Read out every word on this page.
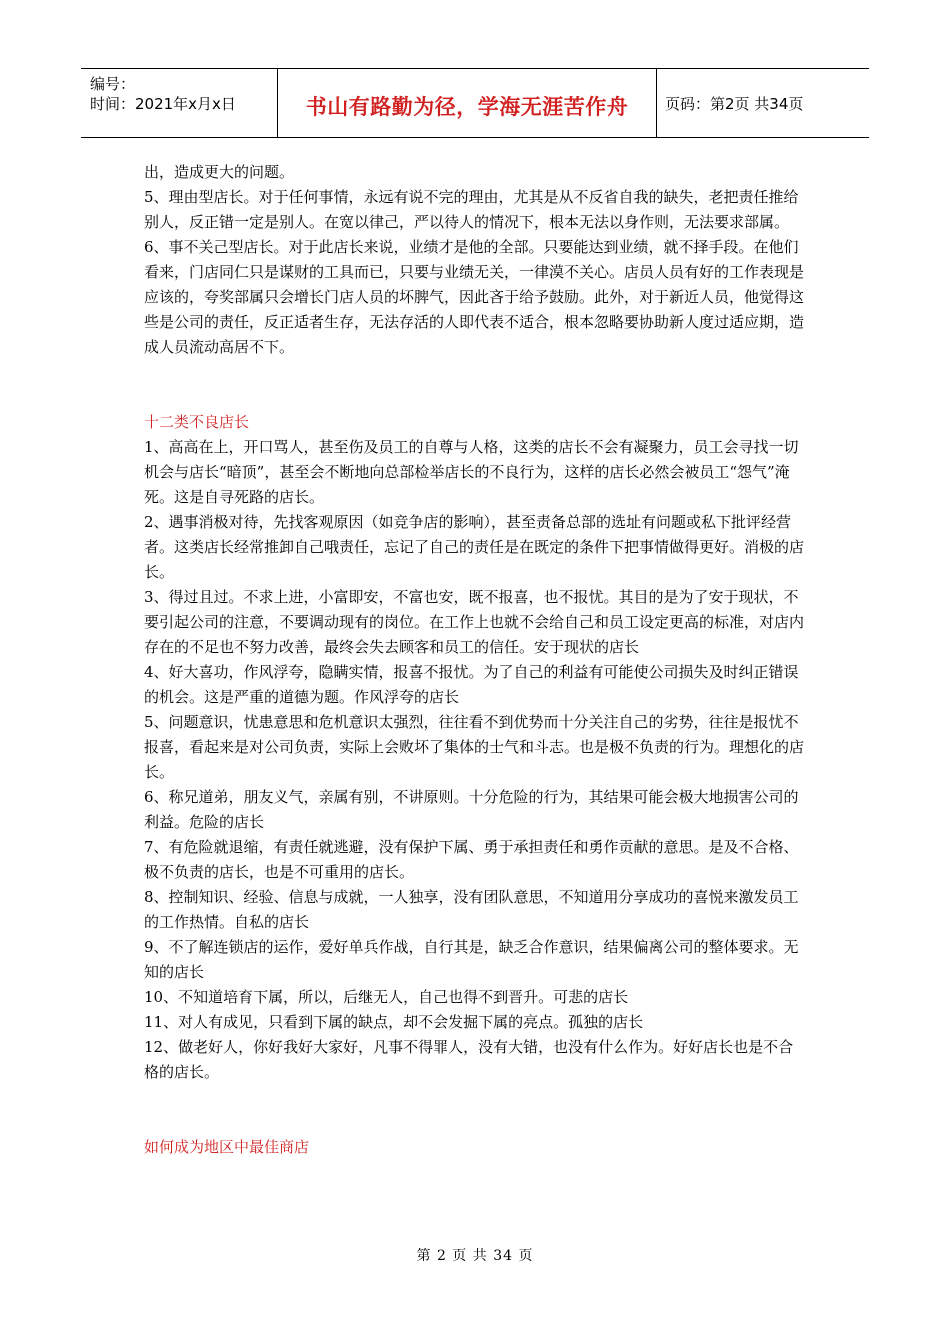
编号：
时间：2021年x月x日	书山有路勤为径，学海无涯苦作舟	页码：第2页 共34页

出，造成更大的问题。

5、理由型店长。对于任何事情，永远有说不完的理由，尤其是从不反省自我的缺失，老把责任推给别人，反正错一定是别人。在宽以律己，严以待人的情况下，根本无法以身作则，无法要求部属。

6、事不关己型店长。对于此店长来说，业绩才是他的全部。只要能达到业绩，就不择手段。在他们看来，门店同仁只是谋财的工具而已，只要与业绩无关，一律漠不关心。店员人员有好的工作表现是应该的，夸奖部属只会增长门店人员的坏脾气，因此吝于给予鼓励。此外，对于新近人员，他觉得这些是公司的责任，反正适者生存，无法存活的人即代表不适合，根本忽略要协助新人度过适应期，造成人员流动高居不下。

十二类不良店长

1、高高在上，开口骂人，甚至伤及员工的自尊与人格，这类的店长不会有凝聚力，员工会寻找一切机会与店长“暗顶”，甚至会不断地向总部检举店长的不良行为，这样的店长必然会被员工“怨气”淹死。这是自寻死路的店长。

2、遇事消极对待，先找客观原因（如竞争店的影响），甚至责备总部的选址有问题或私下批评经营者。这类店长经常推卸自己哦责任，忘记了自己的责任是在既定的条件下把事情做得更好。消极的店长。

3、得过且过。不求上进，小富即安，不富也安，既不报喜，也不报忧。其目的是为了安于现状，不要引起公司的注意，不要调动现有的岗位。在工作上也就不会给自己和员工设定更高的标准，对店内存在的不足也不努力改善，最终会失去顾客和员工的信任。安于现状的店长

4、好大喜功，作风浮夸，隐瞒实情，报喜不报忧。为了自己的利益有可能使公司损失及时纠正错误的机会。这是严重的道德为题。作风浮夸的店长

5、问题意识，忧患意思和危机意识太强烈，往往看不到优势而十分关注自己的劣势，往往是报忧不报喜，看起来是对公司负责，实际上会败坏了集体的士气和斗志。也是极不负责的行为。理想化的店长。

6、称兄道弟，朋友义气，亲属有别，不讲原则。十分危险的行为，其结果可能会极大地损害公司的利益。危险的店长

7、有危险就退缩，有责任就逃避，没有保护下属、勇于承担责任和勇作贡献的意思。是及不合格、极不负责的店长，也是不可重用的店长。

8、控制知识、经验、信息与成就，一人独享，没有团队意思，不知道用分享成功的喜悦来激发员工的工作热情。自私的店长

9、不了解连锁店的运作，爱好单兵作战，自行其是，缺乏合作意识，结果偏离公司的整体要求。无知的店长

10、不知道培育下属，所以，后继无人，自己也得不到晋升。可悲的店长

11、对人有成见，只看到下属的缺点，却不会发掘下属的亮点。孤独的店长

12、做老好人，你好我好大家好，凡事不得罪人，没有大错，也没有什么作为。好好店长也是不合格的店长。

如何成为地区中最佳商店

第 2 页 共 34 页
